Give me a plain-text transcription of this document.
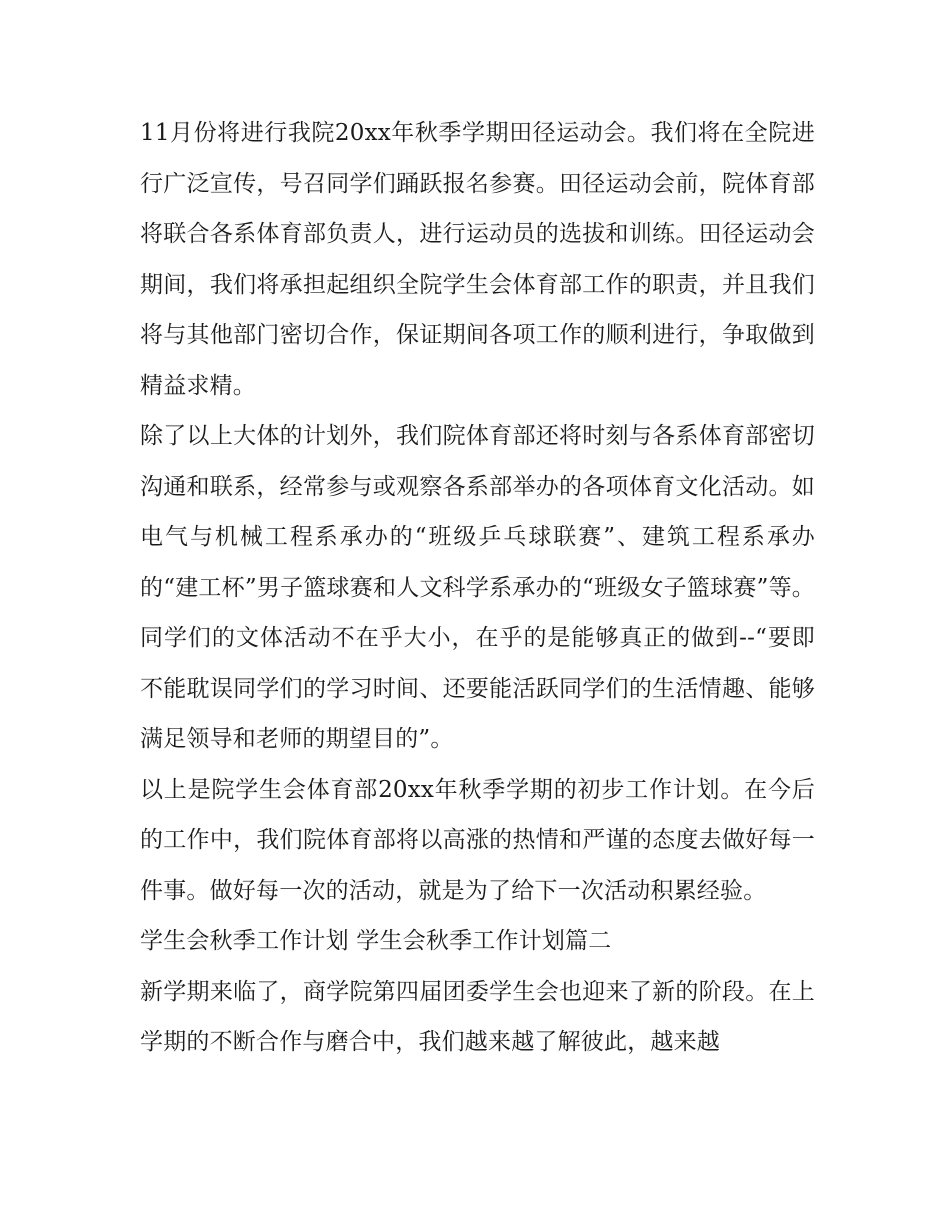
11月份将进行我院20xx年秋季学期田径运动会。我们将在全院进行广泛宣传，号召同学们踊跃报名参赛。田径运动会前，院体育部将联合各系体育部负责人，进行运动员的选拔和训练。田径运动会期间，我们将承担起组织全院学生会体育部工作的职责，并且我们将与其他部门密切合作，保证期间各项工作的顺利进行，争取做到精益求精。

除了以上大体的计划外，我们院体育部还将时刻与各系体育部密切沟通和联系，经常参与或观察各系部举办的各项体育文化活动。如电气与机械工程系承办的“班级乒乓球联赛”、建筑工程系承办的“建工杯”男子篮球赛和人文科学系承办的“班级女子篮球赛”等。同学们的文体活动不在乎大小，在乎的是能够真正的做到--“要即不能耽误同学们的学习时间、还要能活跃同学们的生活情趣、能够满足领导和老师的期望目的”。

以上是院学生会体育部20xx年秋季学期的初步工作计划。在今后的工作中，我们院体育部将以高涨的热情和严谨的态度去做好每一件事。做好每一次的活动，就是为了给下一次活动积累经验。

学生会秋季工作计划 学生会秋季工作计划篇二

新学期来临了，商学院第四届团委学生会也迎来了新的阶段。在上学期的不断合作与磨合中，我们越来越了解彼此，越来越
